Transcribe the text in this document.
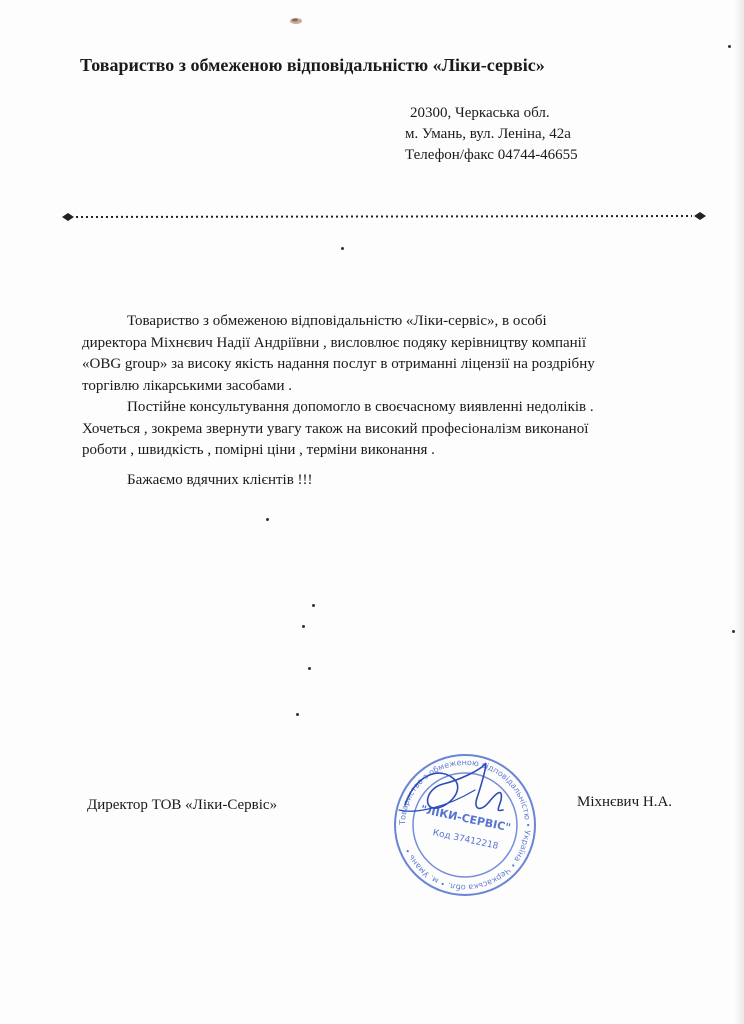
Товариство з обмеженою відповідальністю «Ліки-сервіс»
20300, Черкаська обл.
м. Умань, вул. Леніна, 42а
Телефон/факс 04744-46655

Товариство з обмеженою відповідальністю «Ліки-сервіс», в особі

директора Міхнєвич Надії Андріївни , висловлює подяку керівництву компанії

«OBG group» за високу якість надання послуг в отриманні ліцензії на роздрібну

торгівлю лікарськими засобами .

Постійне консультування допомогло в своєчасному виявленні недоліків .

Хочеться , зокрема звернути увагу також на високий професіоналізм виконаної

роботи , швидкість , помірні ціни , терміни виконання .

Бажаємо вдячних клієнтів !!!
Директор ТОВ «Ліки-Сервіс»	Міхнєвич Н.А.
Товариство з обмеженою відповідальністю • Україна • Черкаська обл. • м. Умань •
"ЛІКИ-СЕРВІС"
Код 37412218
